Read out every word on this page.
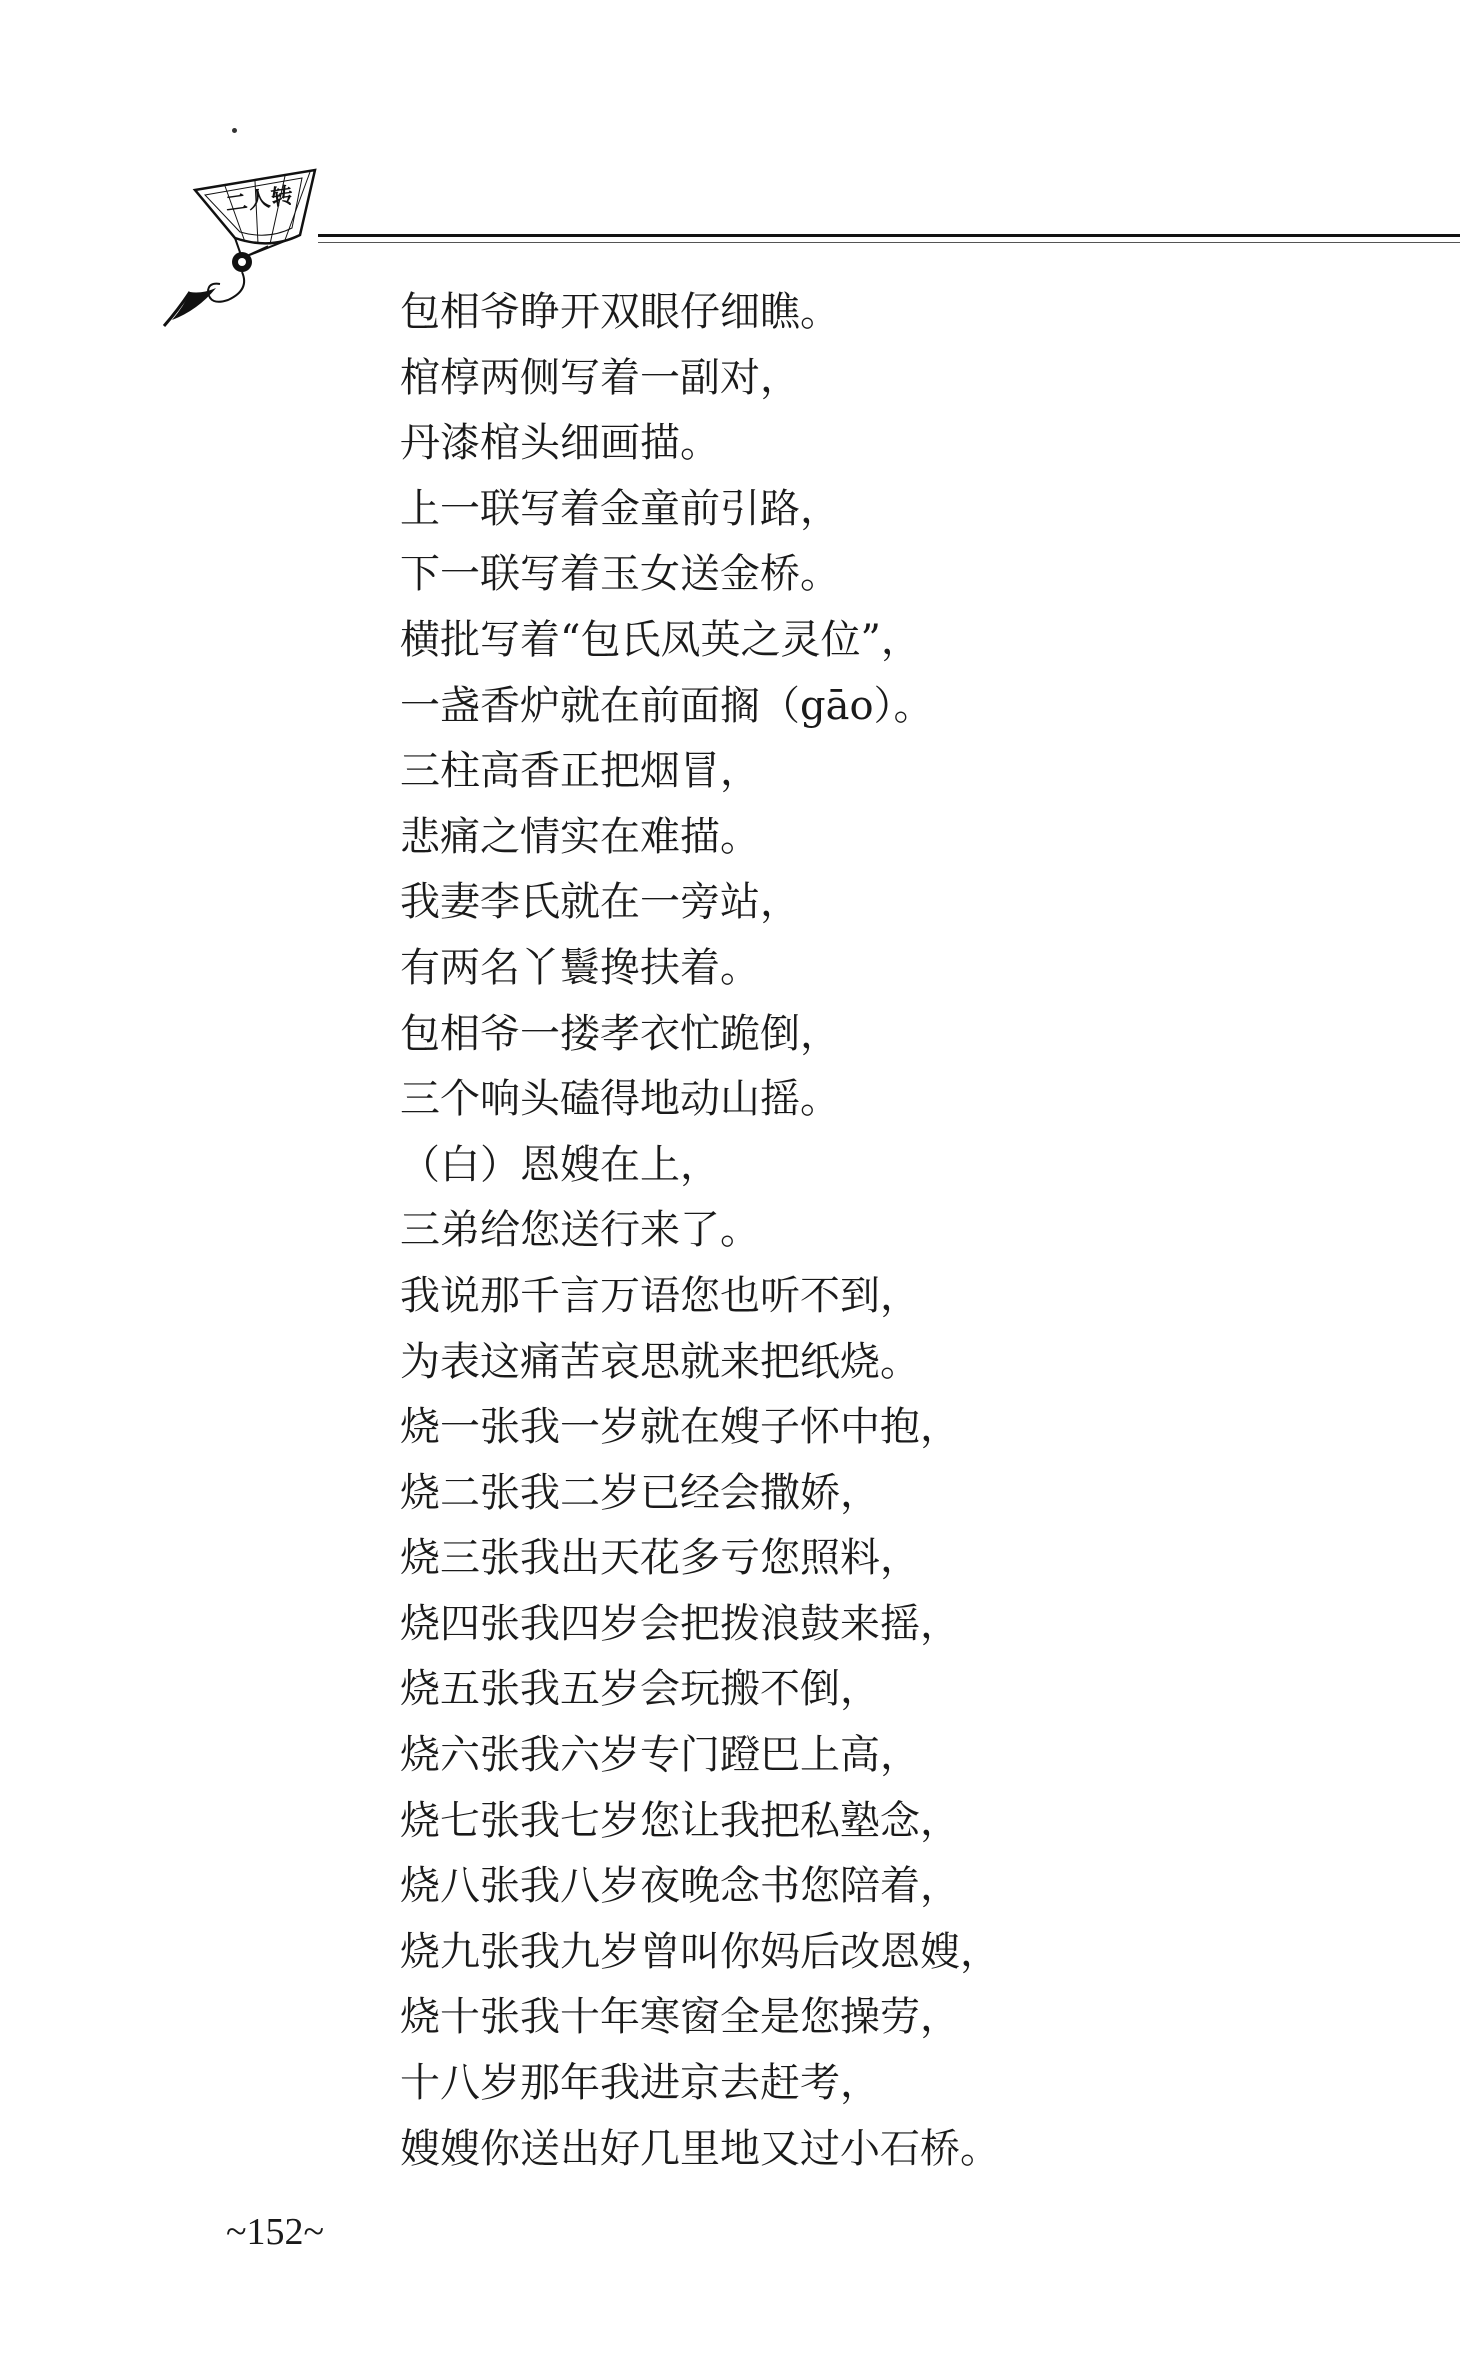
二人转
包相爷睁开双眼仔细瞧。
棺椁两侧写着一副对，
丹漆棺头细画描。
上一联写着金童前引路，
下一联写着玉女送金桥。
横批写着“包氏凤英之灵位”，
一盏香炉就在前面搁（gāo）。
三柱高香正把烟冒，
悲痛之情实在难描。
我妻李氏就在一旁站，
有两名丫鬟搀扶着。
包相爷一搂孝衣忙跪倒，
三个响头磕得地动山摇。
（白）恩嫂在上，
三弟给您送行来了。
我说那千言万语您也听不到，
为表这痛苦哀思就来把纸烧。
烧一张我一岁就在嫂子怀中抱，
烧二张我二岁已经会撒娇，
烧三张我出天花多亏您照料，
烧四张我四岁会把拨浪鼓来摇，
烧五张我五岁会玩搬不倒，
烧六张我六岁专门蹬巴上高，
烧七张我七岁您让我把私塾念，
烧八张我八岁夜晚念书您陪着，
烧九张我九岁曾叫你妈后改恩嫂，
烧十张我十年寒窗全是您操劳，
十八岁那年我进京去赶考，
嫂嫂你送出好几里地又过小石桥。
~152~
